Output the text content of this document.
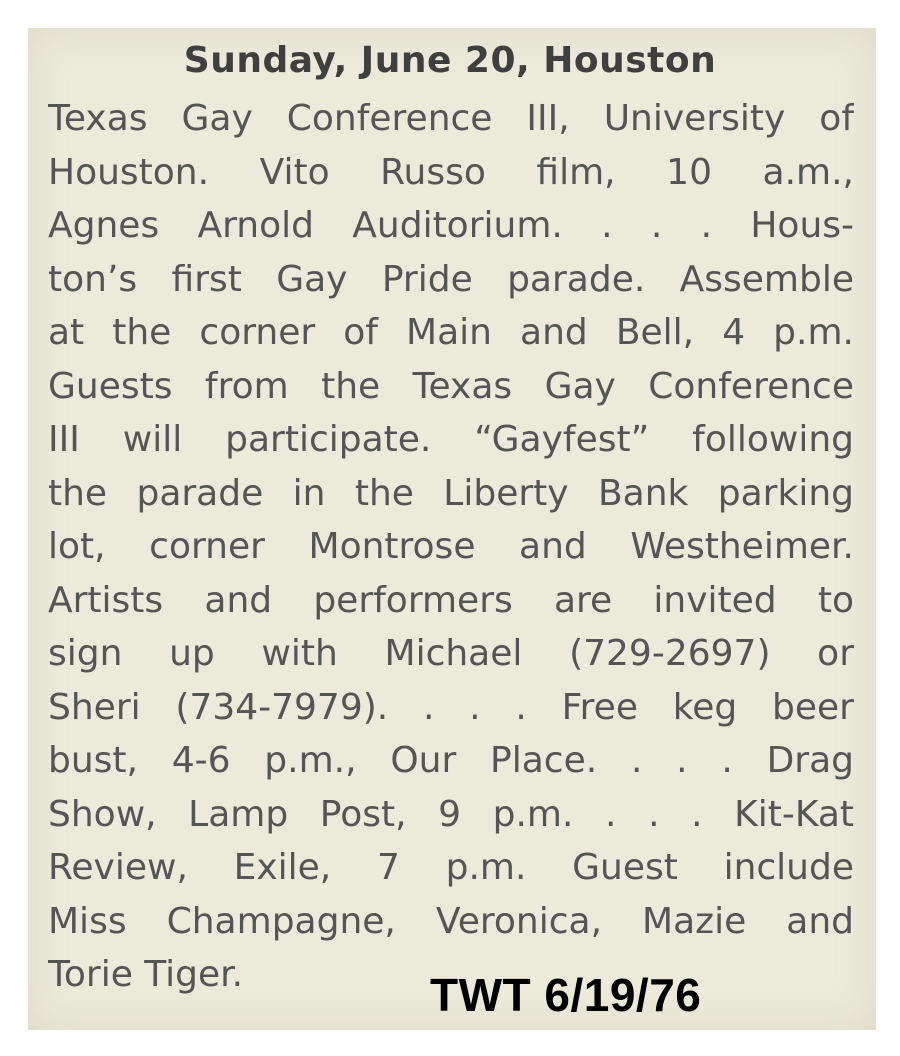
Sunday, June 20, Houston
Texas Gay Conference III, University of
Houston. Vito Russo film, 10 a.m.,
Agnes Arnold Auditorium. . . . Hous-
ton’s first Gay Pride parade. Assemble
at the corner of Main and Bell, 4 p.m.
Guests from the Texas Gay Conference
III will participate. “Gayfest” following
the parade in the Liberty Bank parking
lot, corner Montrose and Westheimer.
Artists and performers are invited to
sign up with Michael (729-2697) or
Sheri (734-7979). . . . Free keg beer
bust, 4-6 p.m., Our Place. . . . Drag
Show, Lamp Post, 9 p.m. . . . Kit-Kat
Review, Exile, 7 p.m. Guest include
Miss Champagne, Veronica, Mazie and
Torie Tiger.	TWT 6/19/76
